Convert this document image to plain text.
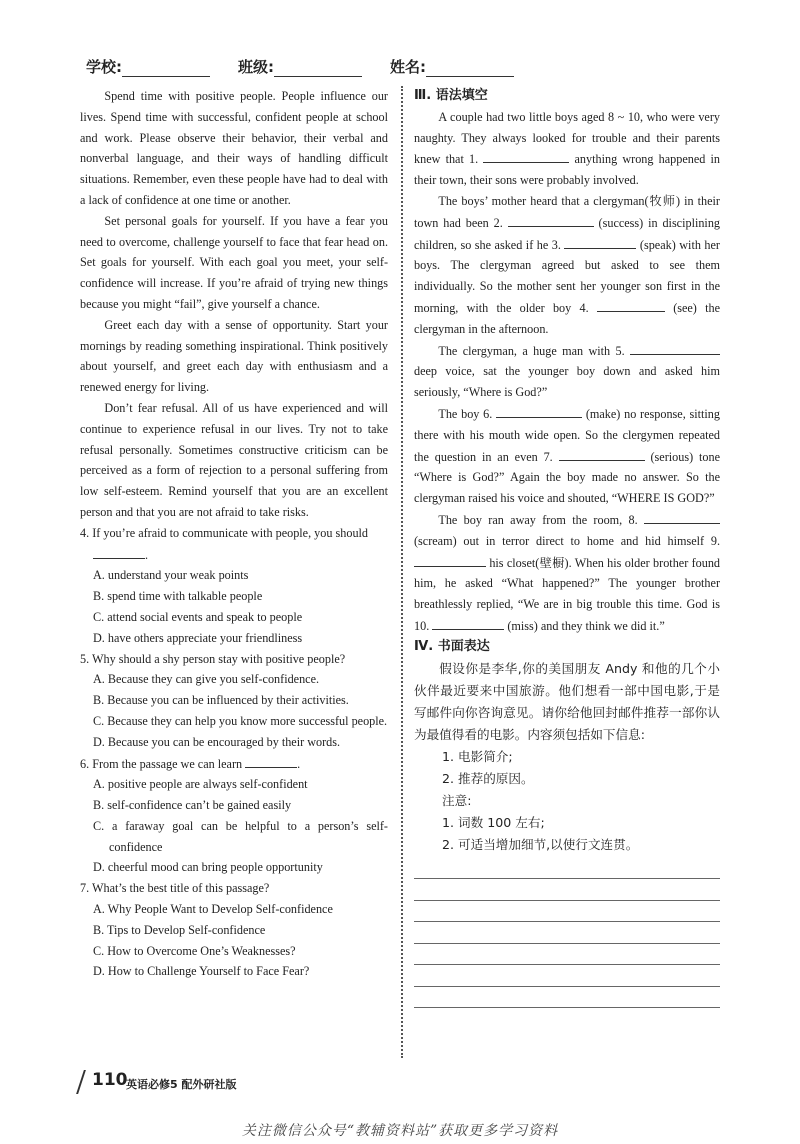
学校:	班级:	姓名:

Spend time with positive people. People influence our lives. Spend time with successful, confident people at school and work. Please observe their behavior, their verbal and nonverbal language, and their ways of handling difficult situations. Remember, even these people have had to deal with a lack of confidence at one time or another.

Set personal goals for yourself. If you have a fear you need to overcome, challenge yourself to face that fear head on. Set goals for yourself. With each goal you meet, your self-confidence will increase. If you’re afraid of trying new things because you might “fail”, give yourself a chance.

Greet each day with a sense of opportunity. Start your mornings by reading something inspirational. Think positively about yourself, and greet each day with enthusiasm and a renewed energy for living.

Don’t fear refusal. All of us have experienced and will continue to experience refusal in our lives. Try not to take refusal personally. Sometimes constructive criticism can be perceived as a form of rejection to a personal suffering from low self-esteem. Remind yourself that you are an excellent person and that you are not afraid to take risks.

4. If you’re afraid to communicate with people, you should

.

A. understand your weak points

B. spend time with talkable people

C. attend social events and speak to people

D. have others appreciate your friendliness

5. Why should a shy person stay with positive people?

A. Because they can give you self-confidence.

B. Because you can be influenced by their activities.

C. Because they can help you know more successful people.

D. Because you can be encouraged by their words.

6. From the passage we can learn	.

A. positive people are always self-confident

B. self-confidence can’t be gained easily

C. a faraway goal can be helpful to a person’s self-confidence

D. cheerful mood can bring people opportunity

7. What’s the best title of this passage?

A. Why People Want to Develop Self-confidence

B. Tips to Develop Self-confidence

C. How to Overcome One’s Weaknesses?

D. How to Challenge Yourself to Face Fear?

Ⅲ. 语法填空

A couple had two little boys aged 8 ~ 10, who were very naughty. They always looked for trouble and their parents knew that 1.	anything wrong happened in their town, their sons were probably involved.

The boys’ mother heard that a clergyman(牧师) in their town had been 2.	(success) in disciplining children, so she asked if he 3.	(speak) with her boys. The clergyman agreed but asked to see them individually. So the mother sent her younger son first in the morning, with the older boy 4.	(see) the clergyman in the afternoon.

The clergyman, a huge man with 5.  deep voice, sat the younger boy down and asked him seriously, “Where is God?”

The boy 6.	(make) no response, sitting there with his mouth wide open. So the clergymen repeated the question in an even 7.	(serious) tone “Where is God?” Again the boy made no answer. So the clergyman raised his voice and shouted, “WHERE IS GOD?”

The boy ran away from the room, 8.  (scream) out in terror direct to home and hid himself 9.  his closet(壁橱). When his older brother found him, he asked “What happened?” The younger brother breathlessly replied, “We are in big trouble this time. God is 10.	(miss) and they think we did it.”

Ⅳ. 书面表达

假设你是李华,你的美国朋友 Andy 和他的几个小伙伴最近要来中国旅游。他们想看一部中国电影,于是写邮件向你咨询意见。请你给他回封邮件推荐一部你认为最值得看的电影。内容须包括如下信息:

1. 电影简介;

2. 推荐的原因。

注意:

1. 词数 100 左右;

2. 可适当增加细节,以使行文连贯。

110
英语必修5 配外研社版
关注微信公众号“教辅资料站”获取更多学习资料
